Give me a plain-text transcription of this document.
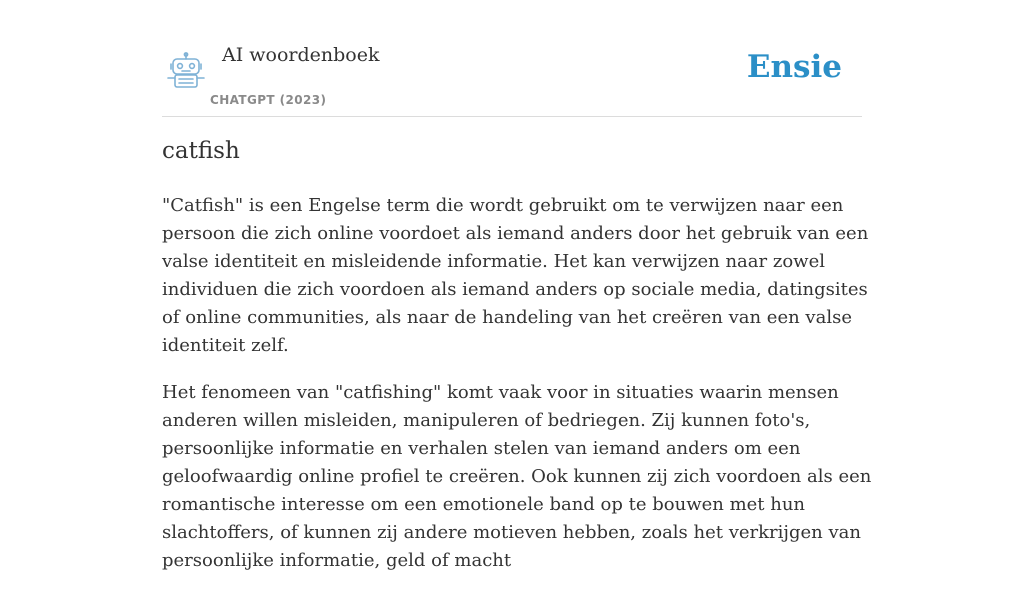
AI woordenboek
CHATGPT (2023)
Ensie
catfish

"Catfish" is een Engelse term die wordt gebruikt om te verwijzen naar een persoon die zich online voordoet als iemand anders door het gebruik van een valse identiteit en misleidende informatie. Het kan verwijzen naar zowel individuen die zich voordoen als iemand anders op sociale media, datingsites of online communities, als naar de handeling van het creëren van een valse identiteit zelf.

Het fenomeen van "catfishing" komt vaak voor in situaties waarin mensen anderen willen misleiden, manipuleren of bedriegen. Zij kunnen foto's, persoonlijke informatie en verhalen stelen van iemand anders om een geloofwaardig online profiel te creëren. Ook kunnen zij zich voordoen als een romantische interesse om een emotionele band op te bouwen met hun slachtoffers, of kunnen zij andere motieven hebben, zoals het verkrijgen van persoonlijke informatie, geld of macht
